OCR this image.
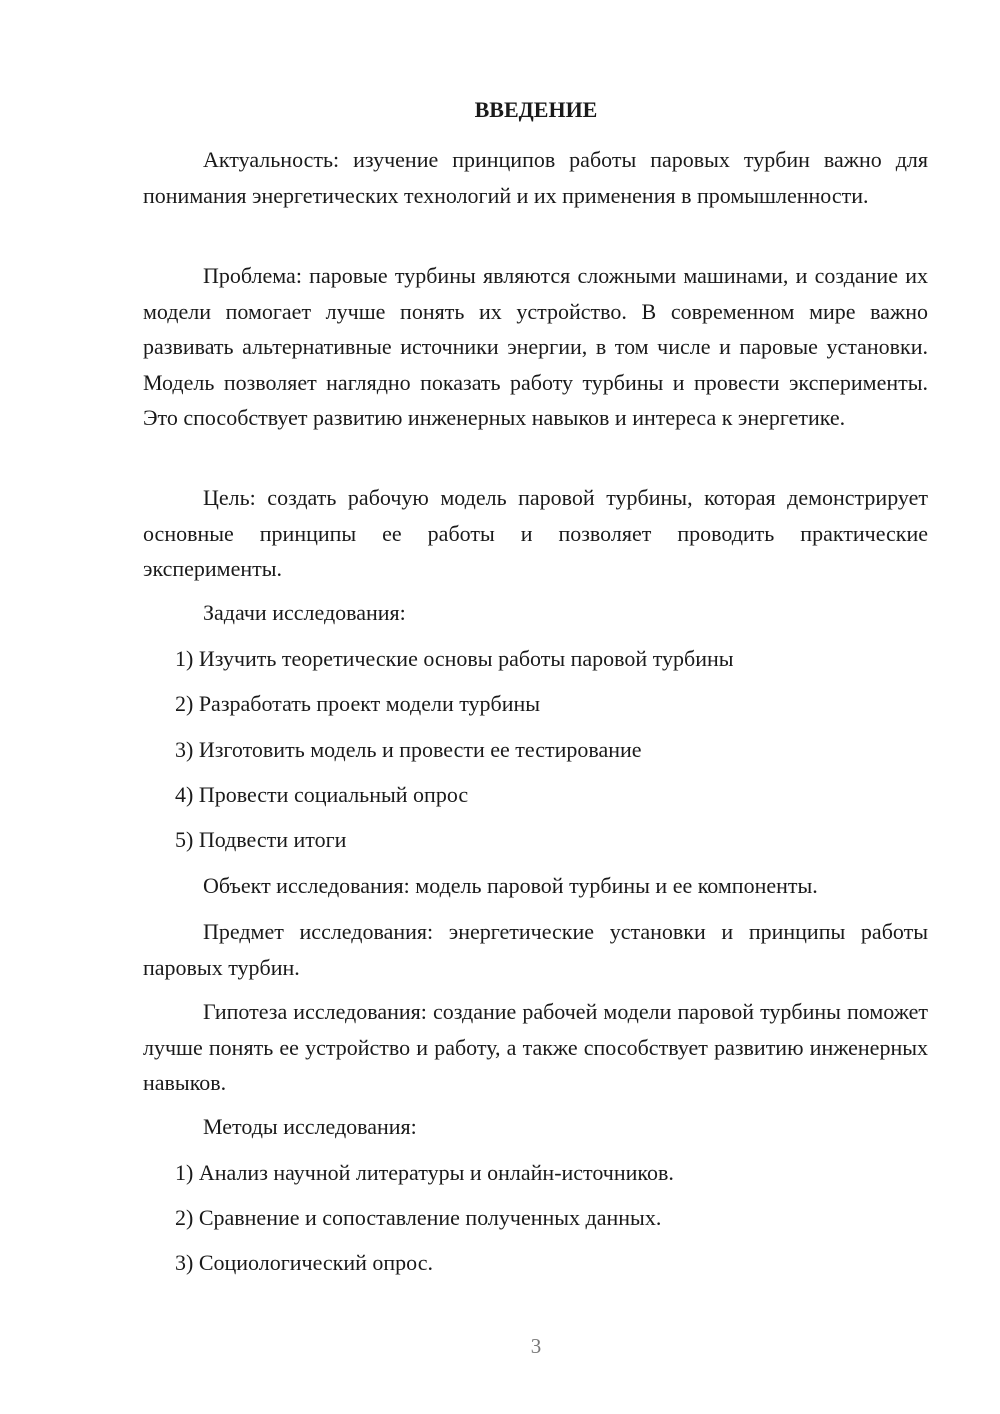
ВВЕДЕНИЕ

Актуальность: изучение принципов работы паровых турбин важно для понимания энергетических технологий и их применения в промышленности.

Проблема: паровые турбины являются сложными машинами, и создание их модели помогает лучше понять их устройство. В современном мире важно развивать альтернативные источники энергии, в том числе и паровые установки. Модель позволяет наглядно показать работу турбины и провести эксперименты. Это способствует развитию инженерных навыков и интереса к энергетике.

Цель: создать рабочую модель паровой турбины, которая демонстрирует основные принципы ее работы и позволяет проводить практические эксперименты.

Задачи исследования:
1) Изучить теоретические основы работы паровой турбины
2) Разработать проект модели турбины
3) Изготовить модель и провести ее тестирование
4) Провести социальный опрос
5) Подвести итоги
Объект исследования: модель паровой турбины и ее компоненты.

Предмет исследования: энергетические установки и принципы работы паровых турбин.

Гипотеза исследования: создание рабочей модели паровой турбины поможет лучше понять ее устройство и работу, а также способствует развитию инженерных навыков.

Методы исследования:
1) Анализ научной литературы и онлайн-источников.
2) Сравнение и сопоставление полученных данных.
3) Социологический опрос.
3
